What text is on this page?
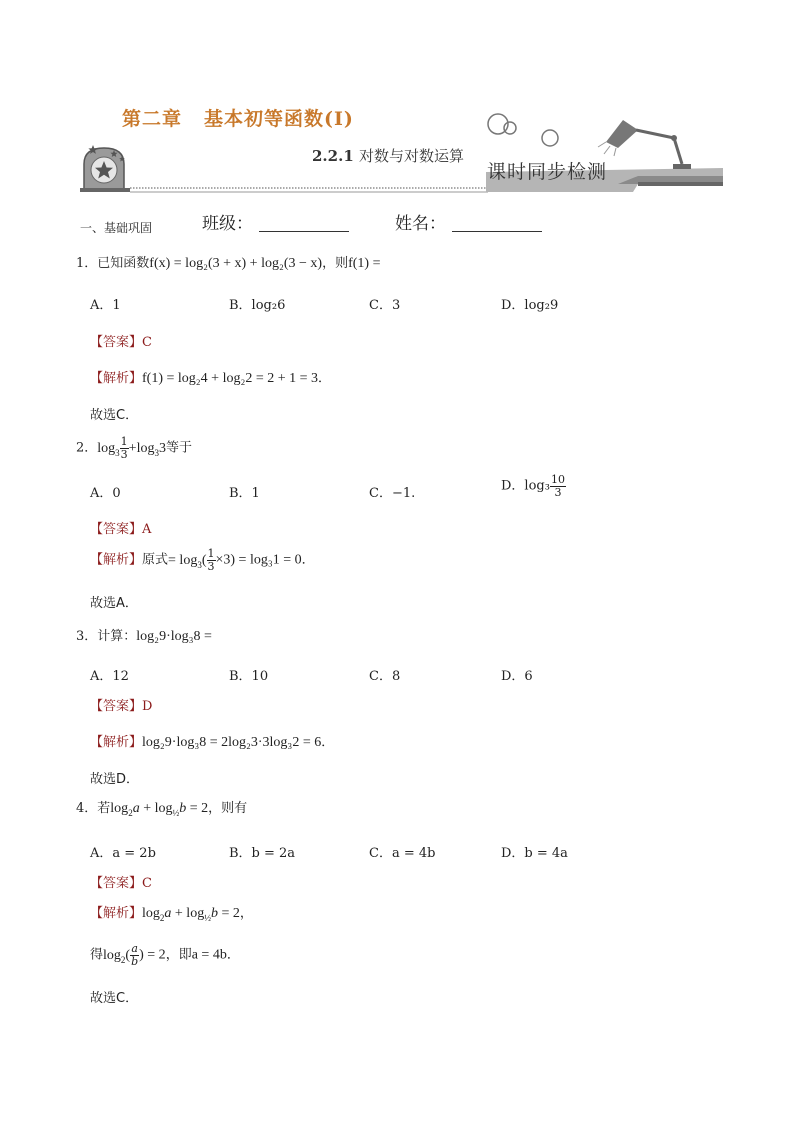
第二章 基本初等函数(Ⅰ)
2.2.1 对数与对数运算
课时同步检测
一、基础巩固	班级：	姓名：
1．已知函数f(x) = log₂(3 + x) + log₂(3 − x)，则f(1) =
A．1	B．log₂6	C．3	D．log₂9
【答案】C
【解析】f(1) = log₂4 + log₂2 = 2 + 1 = 3．
故选C．
2．$\log_3 \frac{1}{3} +\log_33$等于
A．0	B．1	C．−1.	D．$\log_3 \frac{10}{3}$
【答案】A
【解析】原式= $\log_3( \frac{1}{3} \times 3) = \log_31 = 0$．
故选A．
3．计算：log₂9·log₃8 =
A．12	B．10	C．8	D．6
【答案】D
【解析】log₂9·log₃8 = 2log₂3·3log₃2 = 6．
故选D．
4．若$\log_2a + \log_{\frac{1}{2}}b = 2$，则有
A．a = 2b	B．b = 2a	C．a = 4b	D．b = 4a
【答案】C
【解析】$\log_2a + \log_{\frac{1}{2}}b = 2$，
得$\log_2( \frac{a}{b}$ ) = 2，即a = 4b．
故选C．
